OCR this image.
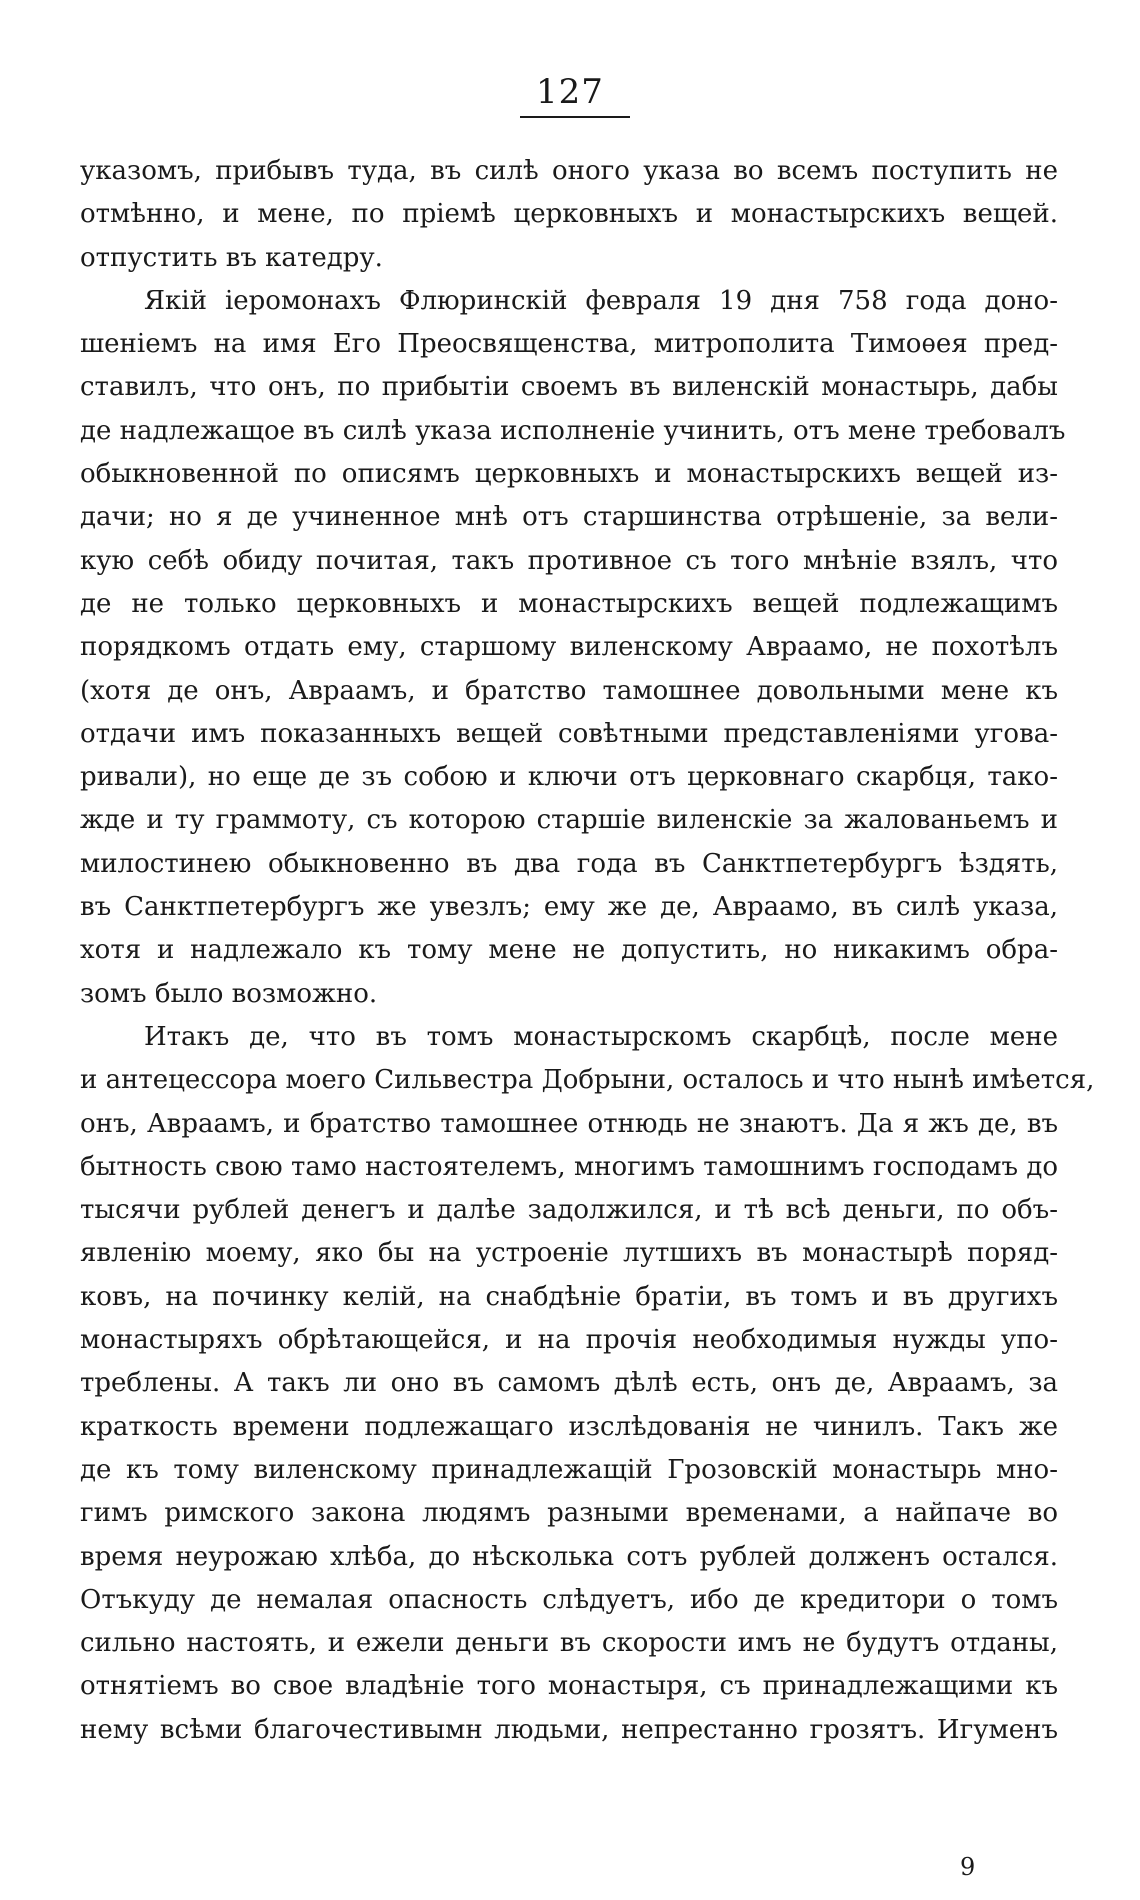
127
указомъ, прибывъ туда, въ силѣ оного указа во всемъ поступить не
отмѣнно, и мене, по пріемѣ церковныхъ и монастырскихъ вещей.
отпустить въ катедру.
Якій іеромонахъ Флюринскій февраля 19 дня 758 года доно-
шеніемъ на имя Его Преосвященства, митрополита Тимоѳея пред-
ставилъ, что онъ, по прибытіи своемъ въ виленскій монастырь, дабы
де надлежащое въ силѣ указа исполненіе учинить, отъ мене требовалъ
обыкновенной по описямъ церковныхъ и монастырскихъ вещей из-
дачи; но я де учиненное мнѣ отъ старшинства отрѣшеніе, за вели-
кую себѣ обиду почитая, такъ противное съ того мнѣніе взялъ, что
де не только церковныхъ и монастырскихъ вещей подлежащимъ
порядкомъ отдать ему, старшому виленскому Авраамо, не похотѣлъ
(хотя де онъ, Авраамъ, и братство тамошнее довольными мене къ
отдачи имъ показанныхъ вещей совѣтными представленіями угова-
ривали), но еще де зъ собою и ключи отъ церковнаго скарбця, тако-
жде и ту граммоту, съ которою старшіе виленскіе за жалованьемъ и
милостинею обыкновенно въ два года въ Санктпетербургъ ѣздять,
въ Санктпетербургъ же увезлъ; ему же де, Авраамо, въ силѣ указа,
хотя и надлежало къ тому мене не допустить, но никакимъ обра-
зомъ было возможно.
Итакъ де, что въ томъ монастырскомъ скарбцѣ, после мене
и антецессора моего Сильвестра Добрыни, осталось и что нынѣ имѣется,
онъ, Авраамъ, и братство тамошнее отнюдь не знаютъ. Да я жъ де, въ
бытность свою тамо настоятелемъ, многимъ тамошнимъ господамъ до
тысячи рублей денегъ и далѣе задолжился, и тѣ всѣ деньги, по объ-
явленію моему, яко бы на устроеніе лутшихъ въ монастырѣ поряд-
ковъ, на починку келій, на снабдѣніе братіи, въ томъ и въ другихъ
монастыряхъ обрѣтающейся, и на прочія необходимыя нужды упо-
треблены. А такъ ли оно въ самомъ дѣлѣ есть, онъ де, Авраамъ, за
краткость времени подлежащаго изслѣдованія не чинилъ. Такъ же
де къ тому виленскому принадлежащій Грозовскій монастырь мно-
гимъ римского закона людямъ разными временами, а найпаче во
время неурожаю хлѣба, до нѣсколька сотъ рублей долженъ остался.
Отъкуду де немалая опасность слѣдуетъ, ибо де кредитори о томъ
сильно настоять, и ежели деньги въ скорости имъ не будутъ отданы,
отнятіемъ во свое владѣніе того монастыря, съ принадлежащими къ
нему всѣми благочестивымн людьми, непрестанно грозятъ. Игуменъ
9
